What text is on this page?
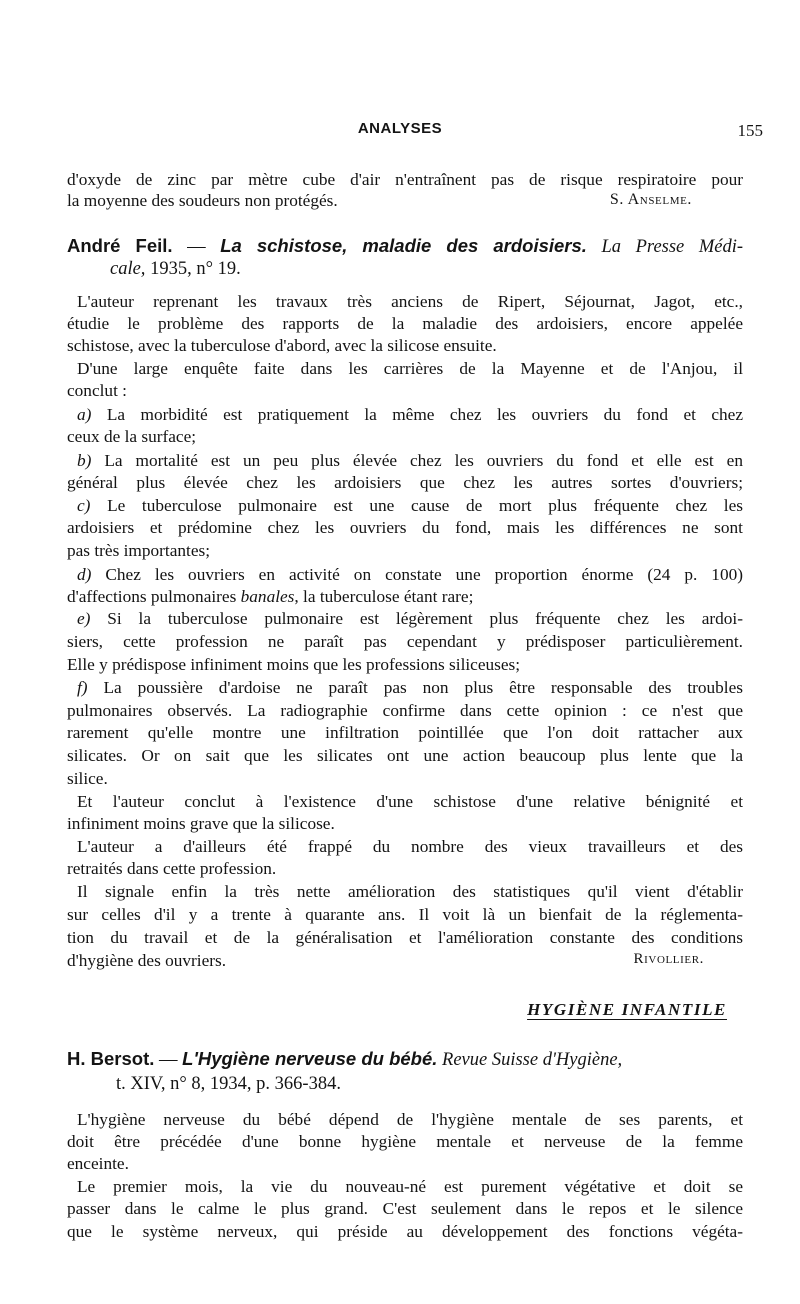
ANALYSES	155
d'oxyde de zinc par mètre cube d'air n'entraînent pas de risque respiratoire pour
la moyenne des soudeurs non protégés.	S. Anselme.
André Feil. — La schistose, maladie des ardoisiers. La Presse Médi-
cale, 1935, n° 19.
L'auteur reprenant les travaux très anciens de Ripert, Séjournat, Jagot, etc.,
étudie le problème des rapports de la maladie des ardoisiers, encore appelée
schistose, avec la tuberculose d'abord, avec la silicose ensuite.
D'une large enquête faite dans les carrières de la Mayenne et de l'Anjou, il
conclut :
a) La morbidité est pratiquement la même chez les ouvriers du fond et chez
ceux de la surface;
b) La mortalité est un peu plus élevée chez les ouvriers du fond et elle est en
général plus élevée chez les ardoisiers que chez les autres sortes d'ouvriers;
c) Le tuberculose pulmonaire est une cause de mort plus fréquente chez les
ardoisiers et prédomine chez les ouvriers du fond, mais les différences ne sont
pas très importantes;
d) Chez les ouvriers en activité on constate une proportion énorme (24 p. 100)
d'affections pulmonaires banales, la tuberculose étant rare;
e) Si la tuberculose pulmonaire est légèrement plus fréquente chez les ardoi-
siers, cette profession ne paraît pas cependant y prédisposer particulièrement.
Elle y prédispose infiniment moins que les professions siliceuses;
f) La poussière d'ardoise ne paraît pas non plus être responsable des troubles
pulmonaires observés. La radiographie confirme dans cette opinion : ce n'est que
rarement qu'elle montre une infiltration pointillée que l'on doit rattacher aux
silicates. Or on sait que les silicates ont une action beaucoup plus lente que la
silice.
Et l'auteur conclut à l'existence d'une schistose d'une relative bénignité et
infiniment moins grave que la silicose.
L'auteur a d'ailleurs été frappé du nombre des vieux travailleurs et des
retraités dans cette profession.
Il signale enfin la très nette amélioration des statistiques qu'il vient d'établir
sur celles d'il y a trente à quarante ans. Il voit là un bienfait de la réglementa-
tion du travail et de la généralisation et l'amélioration constante des conditions
d'hygiène des ouvriers.	Rivollier.
HYGIÈNE INFANTILE
H. Bersot. — L'Hygiène nerveuse du bébé. Revue Suisse d'Hygiène,
t. XIV, n° 8, 1934, p. 366-384.
L'hygiène nerveuse du bébé dépend de l'hygiène mentale de ses parents, et
doit être précédée d'une bonne hygiène mentale et nerveuse de la femme
enceinte.
Le premier mois, la vie du nouveau-né est purement végétative et doit se
passer dans le calme le plus grand. C'est seulement dans le repos et le silence
que le système nerveux, qui préside au développement des fonctions végéta-
